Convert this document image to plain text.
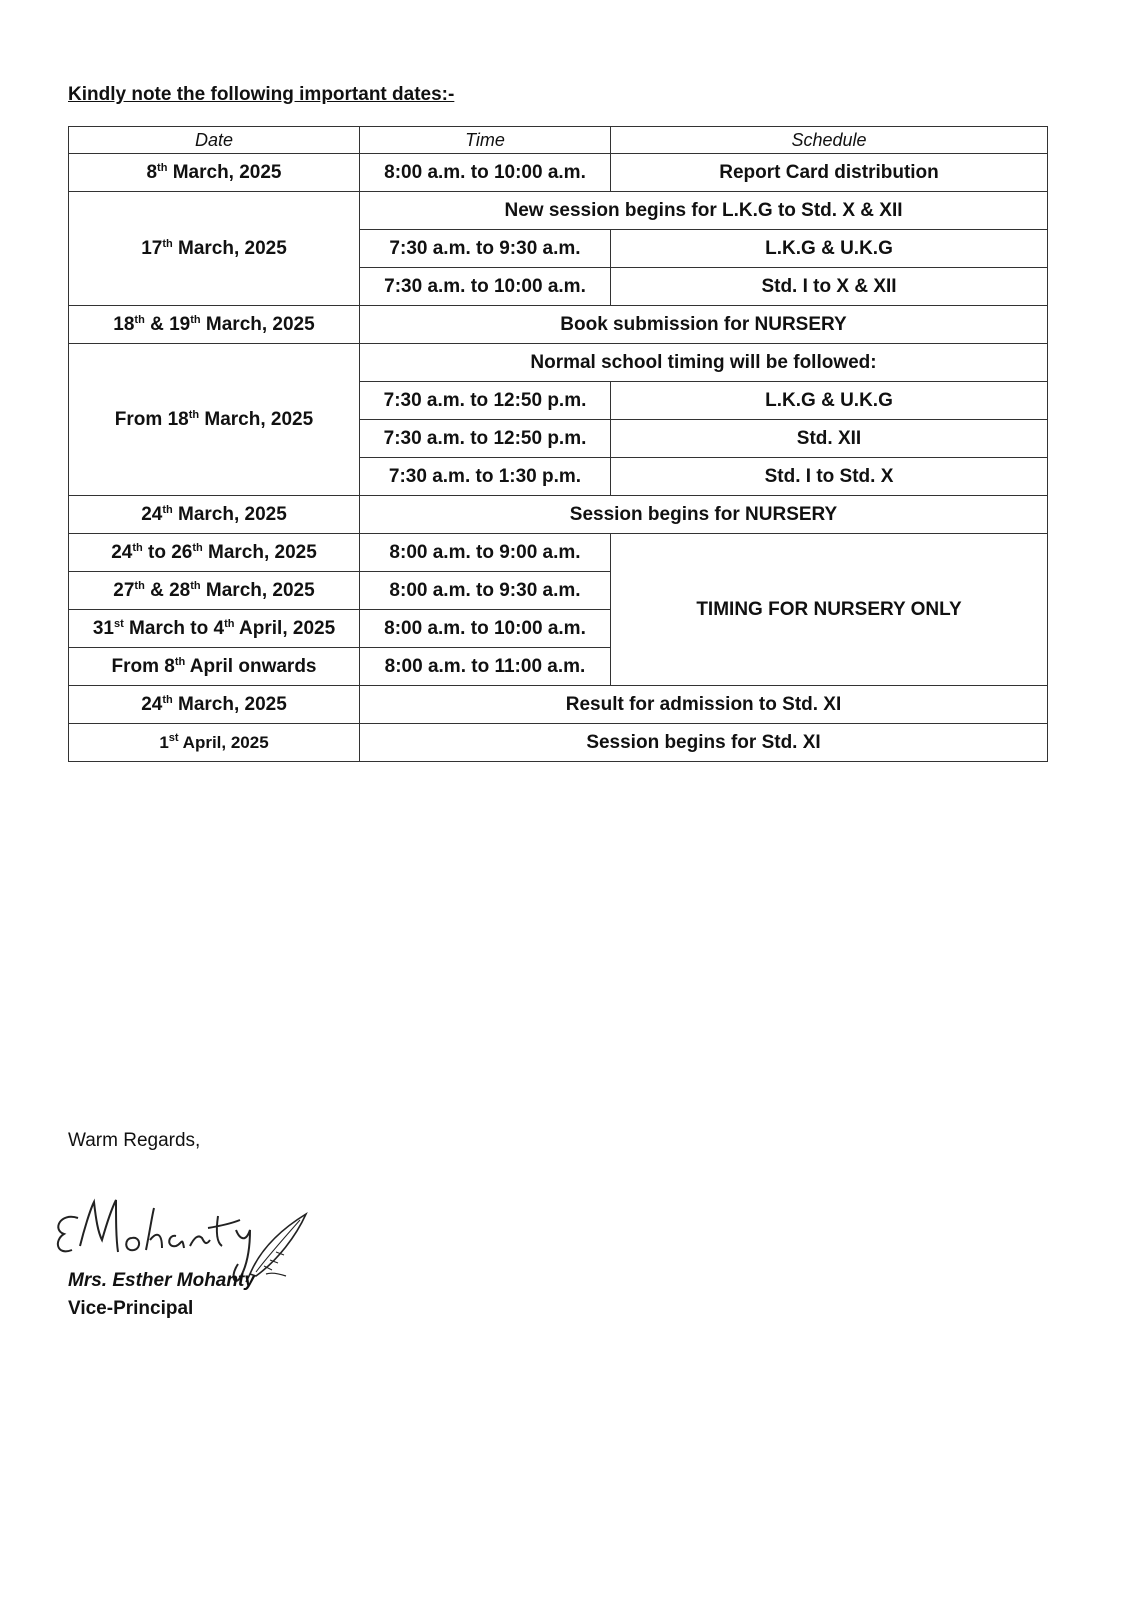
Kindly note the following important dates:-
Date	Time	Schedule
8th March, 2025	8:00 a.m. to 10:00 a.m.	Report Card distribution
17th March, 2025	New session begins for L.K.G to Std. X & XII	
	7:30 a.m. to 9:30 a.m.	L.K.G & U.K.G
	7:30 a.m. to 10:00 a.m.	Std. I to X & XII
18th & 19th March, 2025	Book submission for NURSERY	
From 18th March, 2025	Normal school timing will be followed:	
	7:30 a.m. to 12:50 p.m.	L.K.G & U.K.G
	7:30 a.m. to 12:50 p.m.	Std. XII
	7:30 a.m. to 1:30 p.m.	Std. I to Std. X
24th March, 2025	Session begins for NURSERY	
24th to 26th March, 2025	8:00 a.m. to 9:00 a.m.	TIMING FOR NURSERY ONLY
27th & 28th March, 2025	8:00 a.m. to 9:30 a.m.	
31st March to 4th April, 2025	8:00 a.m. to 10:00 a.m.	
From 8th April onwards	8:00 a.m. to 11:00 a.m.	
24th March, 2025	Result for admission to Std. XI	
1st April, 2025	Session begins for Std. XI	
Warm Regards,
Mrs. Esther Mohanty
Vice-Principal
